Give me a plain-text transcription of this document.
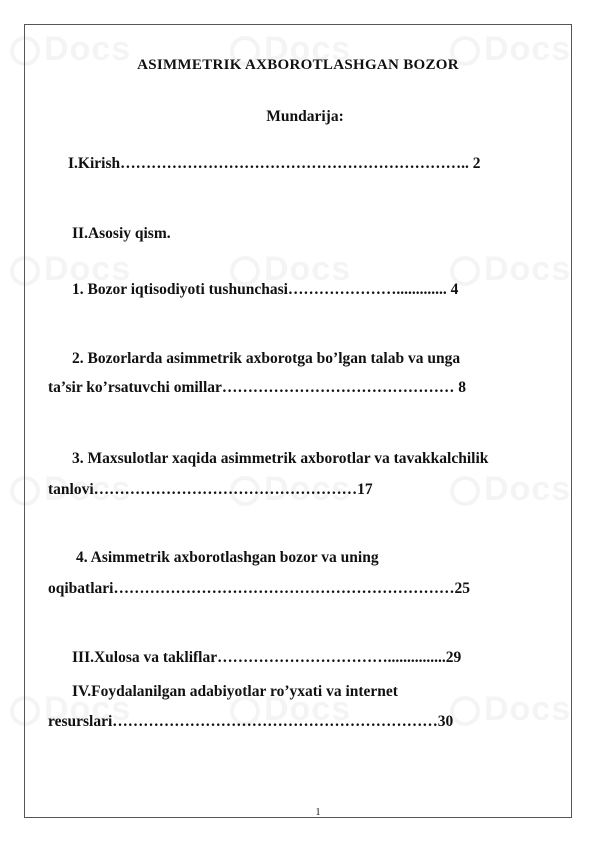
ASIMMETRIK AXBOROTLASHGAN BOZOR
Mundarija:
I.Kirish………………………………………………………….. 2
II.Asosiy qism.
1. Bozor iqtisodiyoti tushunchasi…………………............. 4
2. Bozorlarda asimmetrik axborotga bo’lgan talab va unga
ta’sir ko’rsatuvchi omillar……………………………………… 8
3. Maxsulotlar xaqida asimmetrik axborotlar va tavakkalchilik
tanlovi……………………………………………17
4. Asimmetrik axborotlashgan bozor va uning
oqibatlari…………………………………………………………25
III.Xulosa va takliflar……………………………...............29
IV.Foydalanilgan adabiyotlar ro’yxati va internet
resurslari………………………………………………………30
1
